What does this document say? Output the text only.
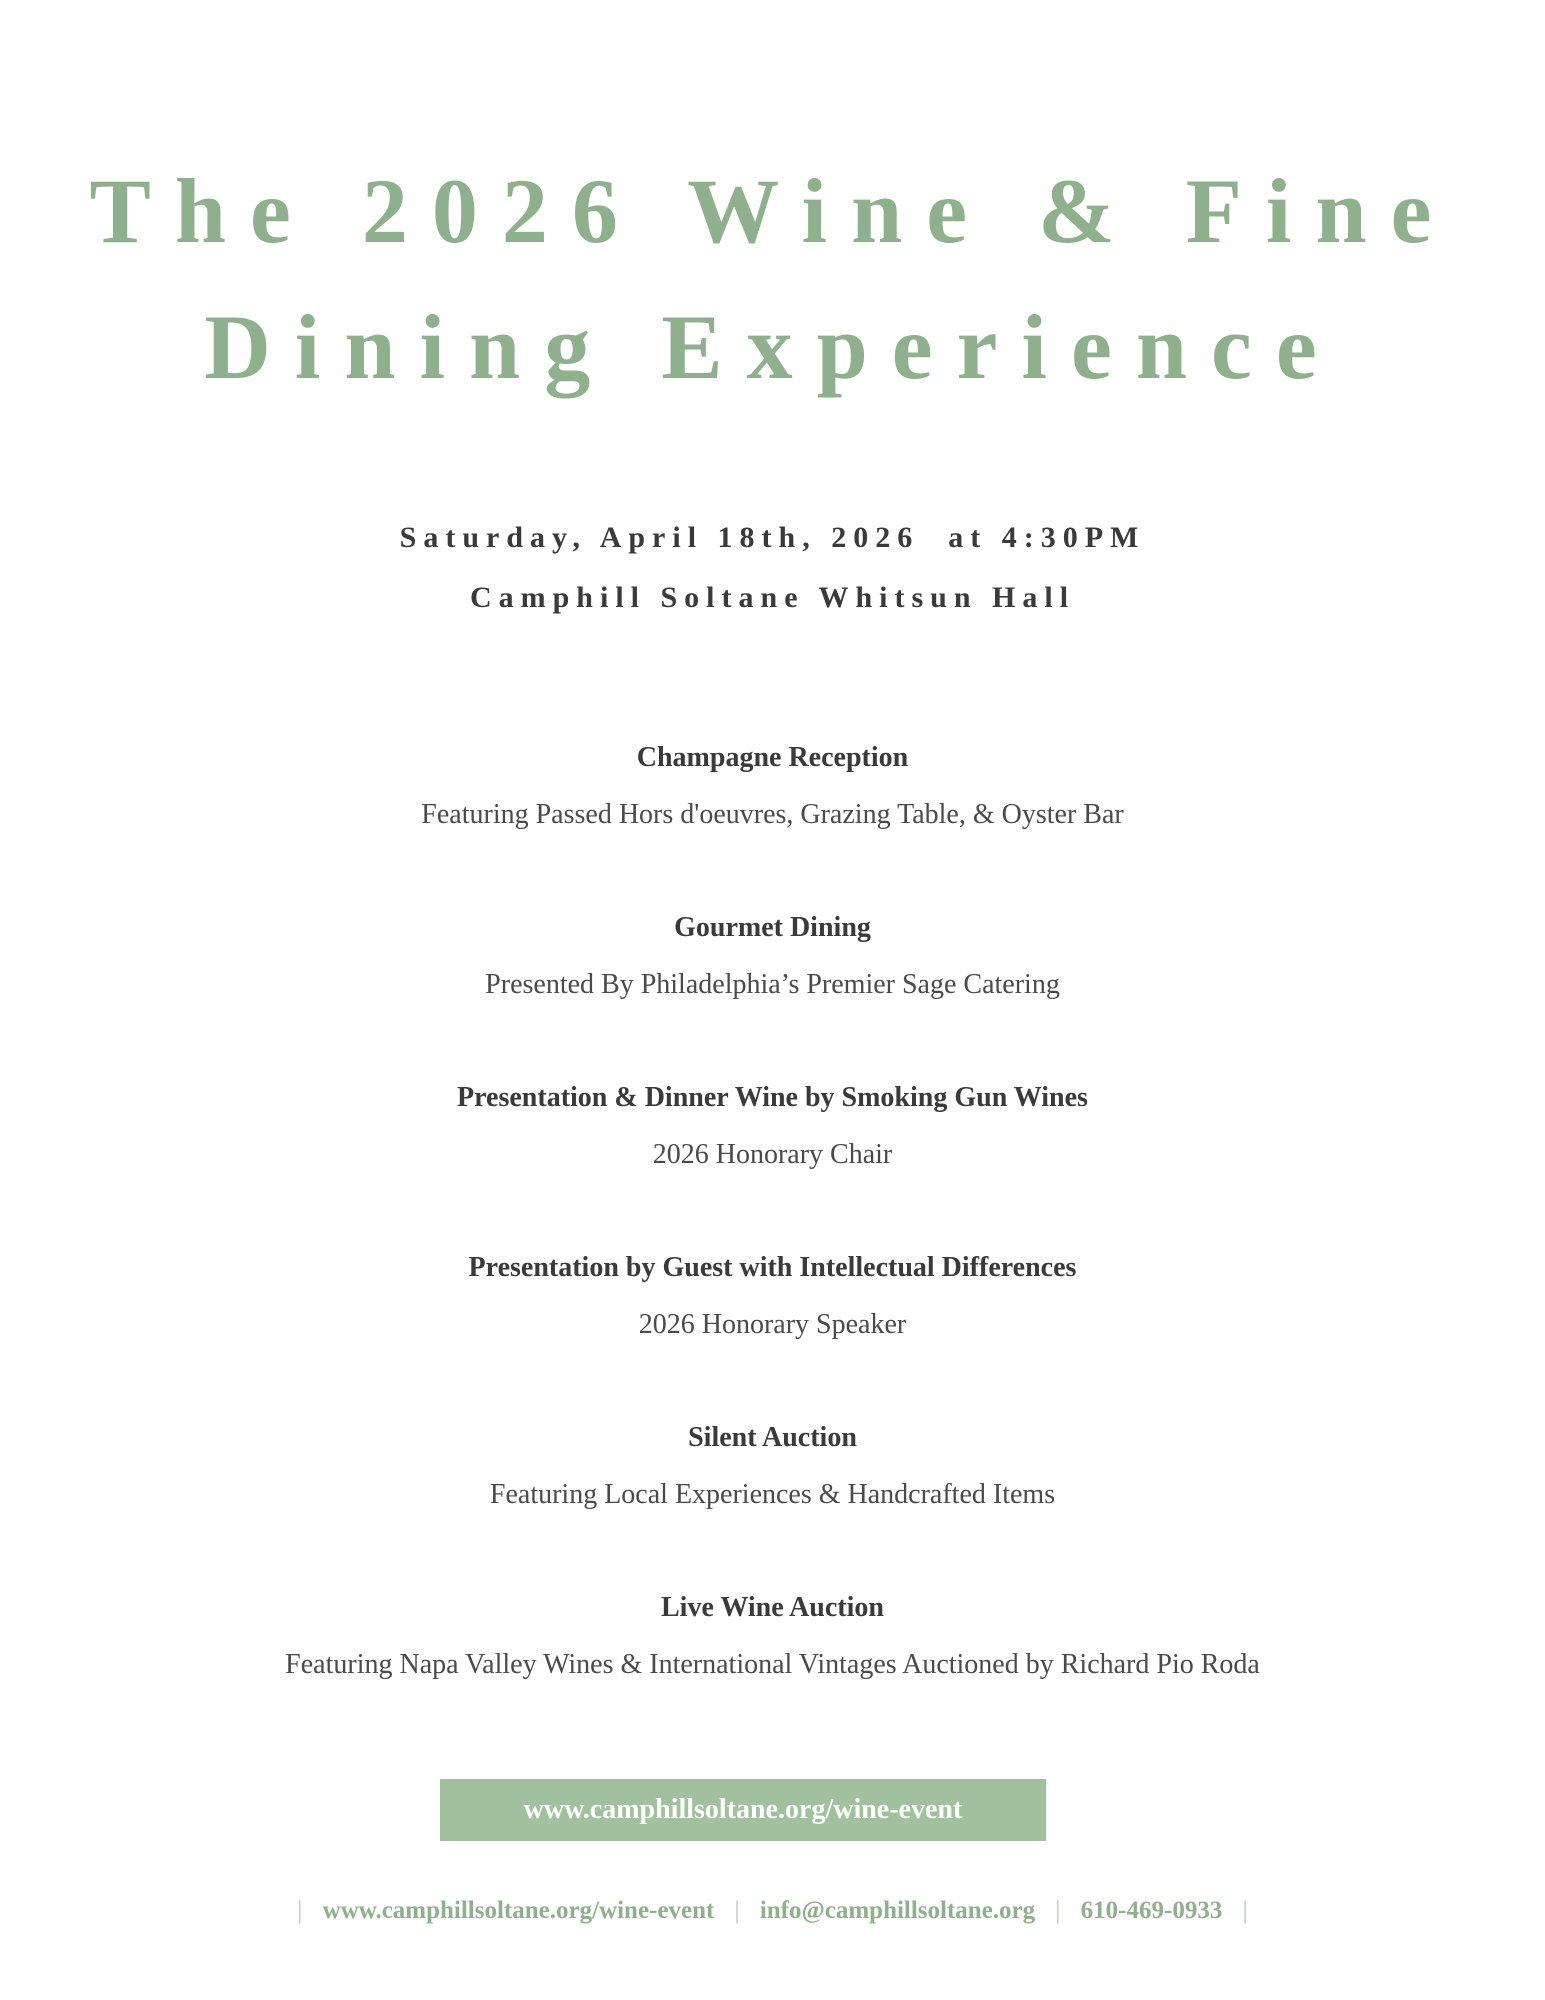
The 2026 Wine & Fine
Dining Experience
Saturday, April 18th, 2026  at 4:30PM
Camphill Soltane Whitsun Hall
Champagne Reception
Featuring Passed Hors d'oeuvres, Grazing Table, & Oyster Bar
Gourmet Dining
Presented By Philadelphia’s Premier Sage Catering
Presentation & Dinner Wine by Smoking Gun Wines
2026 Honorary Chair
Presentation by Guest with Intellectual Differences
2026 Honorary Speaker
Silent Auction
Featuring Local Experiences & Handcrafted Items
Live Wine Auction
Featuring Napa Valley Wines & International Vintages Auctioned by Richard Pio Roda
www.camphillsoltane.org/wine-event
| www.camphillsoltane.org/wine-event | info@camphillsoltane.org | 610-469-0933 |
